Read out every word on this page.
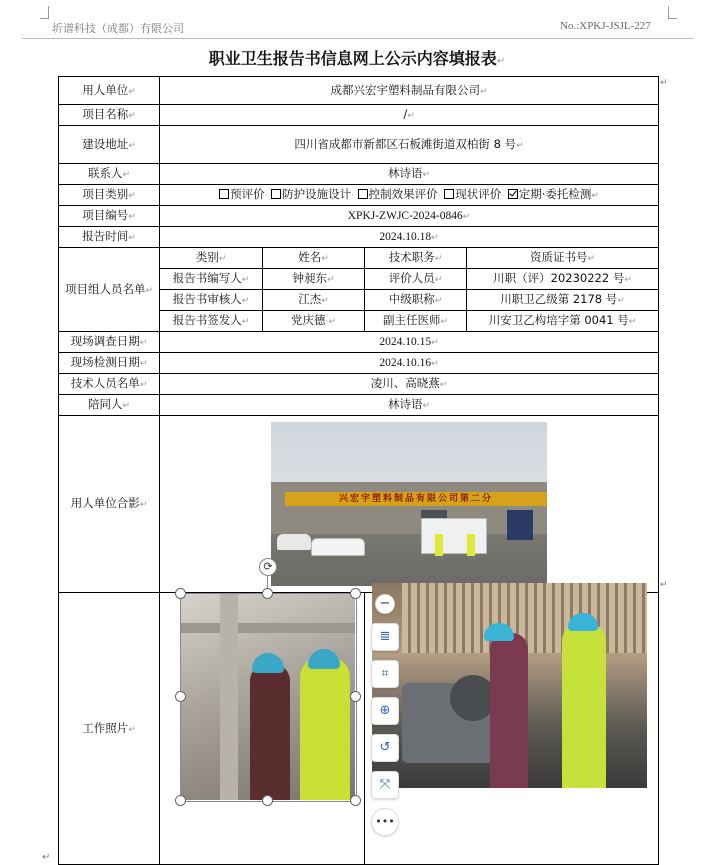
圻谱科技（成都）有限公司	No.:XPKJ-JSJL-227
职业卫生报告书信息网上公示内容填报表↵
用人单位↵	成都兴宏宇塑料制品有限公司↵			
项目名称↵	/↵			
建设地址↵	四川省成都市新都区石板滩街道双柏街 8 号↵			
联系人↵	林诗语↵			
项目类别↵	预评价· 防护设施设计· 控制效果评价· 现状评价· 定期·委托检测↵			
项目编号↵	XPKJ-ZWJC-2024-0846↵			
报告时间↵	2024.10.18↵			
项目组人员名单↵	类别↵	姓名↵	技术职务↵	资质证书号↵
	报告书编写人↵	钟昶东↵	评价人员↵	川职（评）20230222 号↵
	报告书审核人↵	江杰↵	中级职称↵	川职卫乙级第 2178 号↵
	报告书签发人↵	党庆德·↵	副主任医师↵	川安卫乙构培字第 0041 号↵
现场调查日期↵	2024.10.15↵			
现场检测日期↵	2024.10.16↵			
技术人员名单↵	凌川、高晓燕↵			
陪同人↵	林诗语↵			
用人单位合影↵	兴宏宇塑料制品有限公司第二分			

工作照片↵				
⟳
−
≣
⌗
⊕
↺
⤧
•••
↵
↵
↵
